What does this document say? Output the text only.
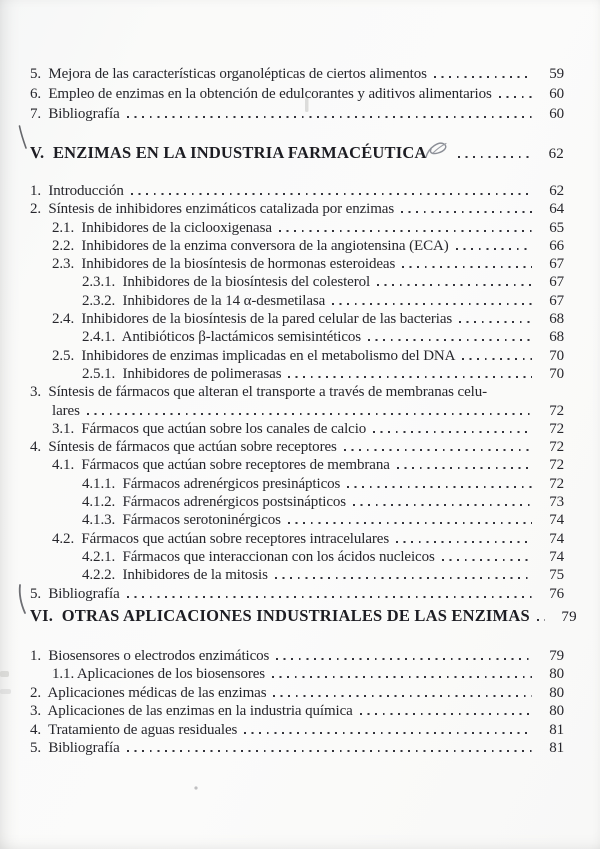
5.  Mejora de las características organolépticas de ciertos alimentos	59
6.  Empleo de enzimas en la obtención de edulcorantes y aditivos alimentarios	60
7.  Bibliografía	60
V.  ENZIMAS EN LA INDUSTRIA FARMACÉUTICA	62
1.  Introducción	62
2.  Síntesis de inhibidores enzimáticos catalizada por enzimas	64
2.1.  Inhibidores de la ciclooxigenasa	65
2.2.  Inhibidores de la enzima conversora de la angiotensina (ECA)	66
2.3.  Inhibidores de la biosíntesis de hormonas esteroideas	67
2.3.1.  Inhibidores de la biosíntesis del colesterol	67
2.3.2.  Inhibidores de la 14 α-desmetilasa	67
2.4.  Inhibidores de la biosíntesis de la pared celular de las bacterias	68
2.4.1.  Antibióticos β-lactámicos semisintéticos	68
2.5.  Inhibidores de enzimas implicadas en el metabolismo del DNA	70
2.5.1.  Inhibidores de polimerasas	70
3.  Síntesis de fármacos que alteran el transporte a través de membranas celu-
lares	72
3.1.  Fármacos que actúan sobre los canales de calcio	72
4.  Síntesis de fármacos que actúan sobre receptores	72
4.1.  Fármacos que actúan sobre receptores de membrana	72
4.1.1.  Fármacos adrenérgicos presinápticos	72
4.1.2.  Fármacos adrenérgicos postsinápticos	73
4.1.3.  Fármacos serotoninérgicos	74
4.2.  Fármacos que actúan sobre receptores intracelulares	74
4.2.1.  Fármacos que interaccionan con los ácidos nucleicos	74
4.2.2.  Inhibidores de la mitosis	75
5.  Bibliografía	76
VI.  OTRAS APLICACIONES INDUSTRIALES DE LAS ENZIMAS	79
1.  Biosensores o electrodos enzimáticos	79
1.1. Aplicaciones de los biosensores	80
2.  Aplicaciones médicas de las enzimas	80
3.  Aplicaciones de las enzimas en la industria química	80
4.  Tratamiento de aguas residuales	81
5.  Bibliografía	81
